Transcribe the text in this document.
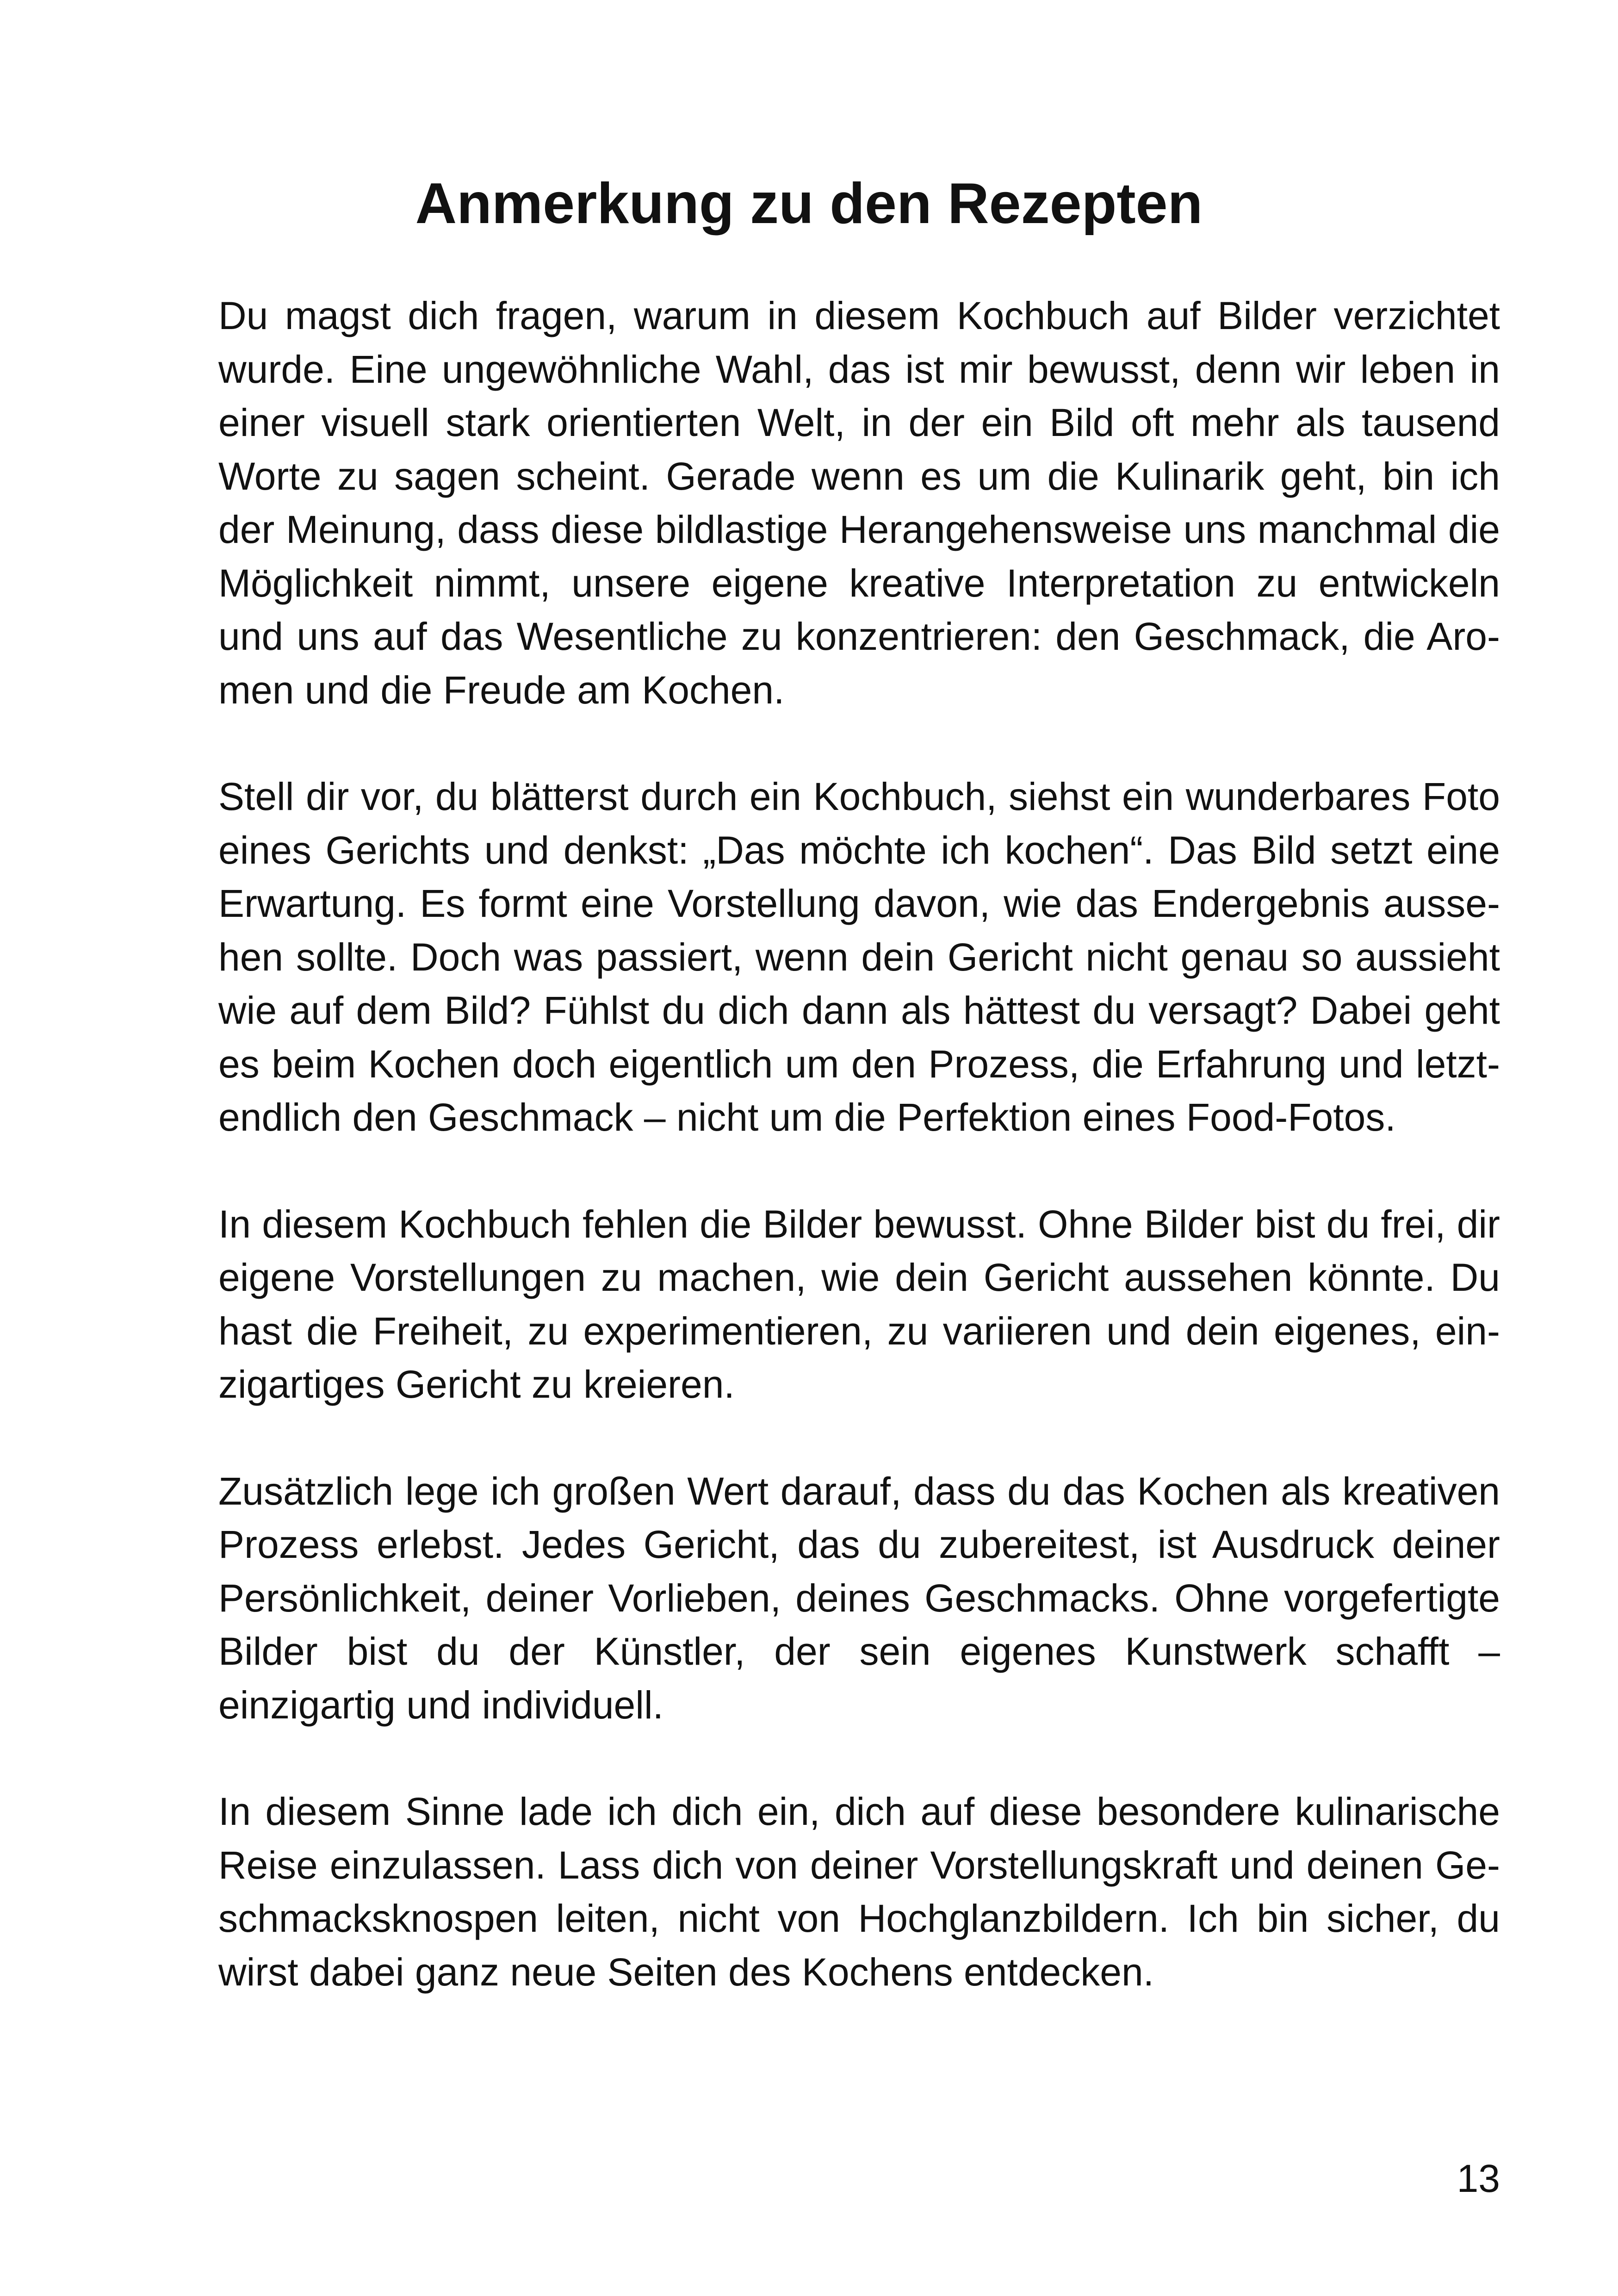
Anmerkung zu den Rezepten

Du magst dich fragen, warum in diesem Kochbuch auf Bilder verzichtet wurde. Eine ungewöhnliche Wahl, das ist mir bewusst, denn wir leben in einer visuell stark orientierten Welt, in der ein Bild oft mehr als tausend Worte zu sagen scheint. Gerade wenn es um die Kulinarik geht, bin ich der Meinung, dass diese bildlastige Herangehensweise uns manchmal die Möglichkeit nimmt, unsere eigene kreative Interpretation zu entwickeln und uns auf das Wesentliche zu konzentrieren: den Geschmack, die Aromen und die Freude am Kochen.

Stell dir vor, du blätterst durch ein Kochbuch, siehst ein wunderbares Foto eines Gerichts und denkst: „Das möchte ich kochen“. Das Bild setzt eine Erwartung. Es formt eine Vorstellung davon, wie das Endergebnis aussehen sollte. Doch was passiert, wenn dein Gericht nicht genau so aussieht wie auf dem Bild? Fühlst du dich dann als hättest du versagt? Dabei geht es beim Kochen doch eigentlich um den Prozess, die Erfahrung und letztendlich den Geschmack – nicht um die Perfektion eines Food-Fotos.

In diesem Kochbuch fehlen die Bilder bewusst. Ohne Bilder bist du frei, dir eigene Vorstellungen zu machen, wie dein Gericht aussehen könnte. Du hast die Freiheit, zu experimentieren, zu variieren und dein eigenes, einzigartiges Gericht zu kreieren.

Zusätzlich lege ich großen Wert darauf, dass du das Kochen als kreativen Prozess erlebst. Jedes Gericht, das du zubereitest, ist Ausdruck deiner Persönlichkeit, deiner Vorlieben, deines Geschmacks. Ohne vorgefertigte Bilder bist du der Künstler, der sein eigenes Kunstwerk schafft – einzigartig und individuell.

In diesem Sinne lade ich dich ein, dich auf diese besondere kulinarische Reise einzulassen. Lass dich von deiner Vorstellungskraft und deinen Geschmacksknospen leiten, nicht von Hochglanzbildern. Ich bin sicher, du wirst dabei ganz neue Seiten des Kochens entdecken.

13
